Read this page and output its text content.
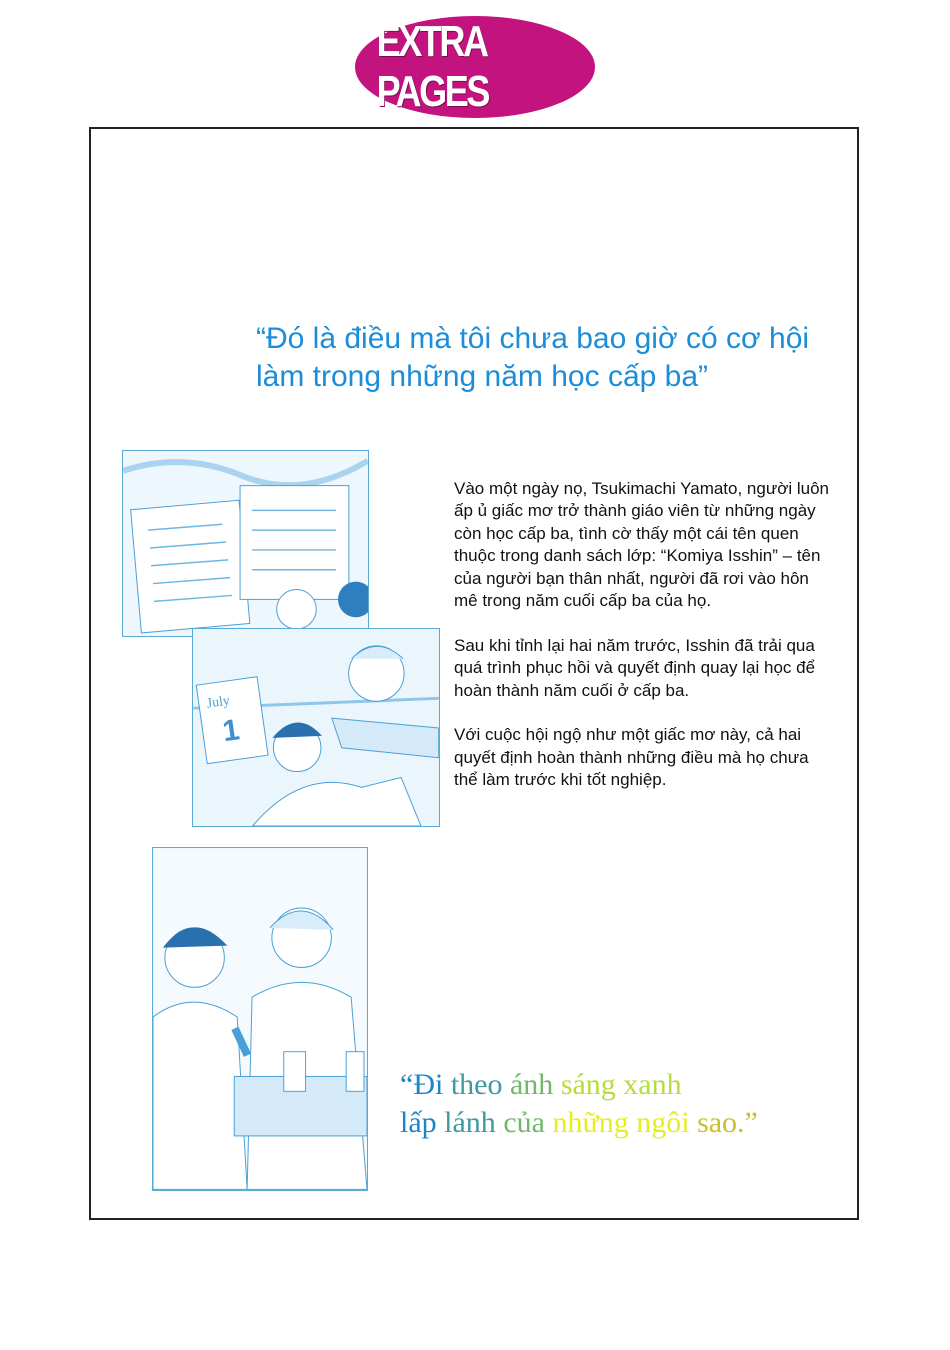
EXTRA PAGES
“Đó là điều mà tôi chưa bao giờ có cơ hội
làm trong những năm học cấp ba”
July
1

Vào một ngày nọ, Tsukimachi Yamato, người luôn ấp ủ giấc mơ trở thành giáo viên từ những ngày còn học cấp ba, tình cờ thấy một cái tên quen thuộc trong danh sách lớp: “Komiya Isshin” – tên của người bạn thân nhất, người đã rơi vào hôn mê trong năm cuối cấp ba của họ.

Sau khi tỉnh lại hai năm trước, Isshin đã trải qua quá trình phục hồi và quyết định quay lại học để hoàn thành năm cuối ở cấp ba.

Với cuộc hội ngộ như một giấc mơ này, cả hai quyết định hoàn thành những điều mà họ chưa thể làm trước khi tốt nghiệp.

“Đi theo ánh sáng xanh
lấp lánh của những ngôi sao.”
